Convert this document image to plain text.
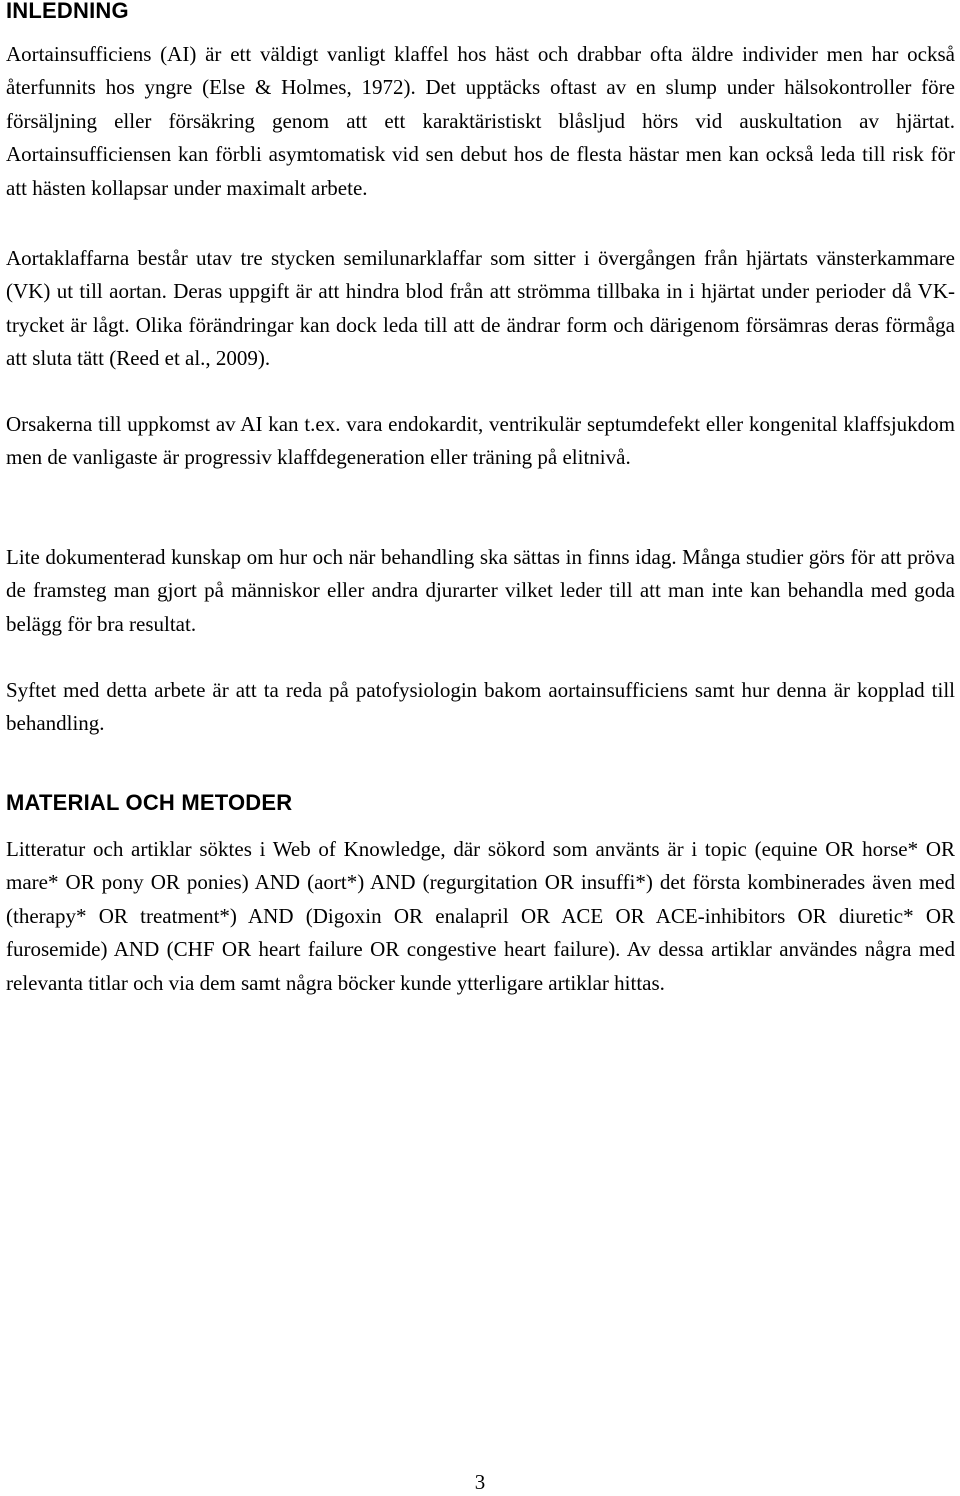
INLEDNING

Aortainsufficiens (AI) är ett väldigt vanligt klaffel hos häst och drabbar ofta äldre individer men har också återfunnits hos yngre (Else & Holmes, 1972). Det upptäcks oftast av en slump under hälsokontroller före försäljning eller försäkring genom att ett karaktäristiskt blåsljud hörs vid auskultation av hjärtat. Aortainsufficiensen kan förbli asymtomatisk vid sen debut hos de flesta hästar men kan också leda till risk för att hästen kollapsar under maximalt arbete.

Aortaklaffarna består utav tre stycken semilunarklaffar som sitter i övergången från hjärtats vänsterkammare (VK) ut till aortan. Deras uppgift är att hindra blod från att strömma tillbaka in i hjärtat under perioder då VK-trycket är lågt. Olika förändringar kan dock leda till att de ändrar form och därigenom försämras deras förmåga att sluta tätt (Reed et al., 2009).

Orsakerna till uppkomst av AI kan t.ex. vara endokardit, ventrikulär septumdefekt eller kongenital klaffsjukdom men de vanligaste är progressiv klaffdegeneration eller träning på elitnivå.

Lite dokumenterad kunskap om hur och när behandling ska sättas in finns idag. Många studier görs för att pröva de framsteg man gjort på människor eller andra djurarter vilket leder till att man inte kan behandla med goda belägg för bra resultat.

Syftet med detta arbete är att ta reda på patofysiologin bakom aortainsufficiens samt hur denna är kopplad till behandling.

MATERIAL OCH METODER

Litteratur och artiklar söktes i Web of Knowledge, där sökord som använts är i topic (equine OR horse* OR mare* OR pony OR ponies) AND (aort*) AND (regurgitation OR insuffi*) det första kombinerades även med (therapy* OR treatment*) AND (Digoxin OR enalapril OR ACE OR ACE-inhibitors OR diuretic* OR furosemide) AND (CHF OR heart failure OR congestive heart failure). Av dessa artiklar användes några med relevanta titlar och via dem samt några böcker kunde ytterligare artiklar hittas.

3
